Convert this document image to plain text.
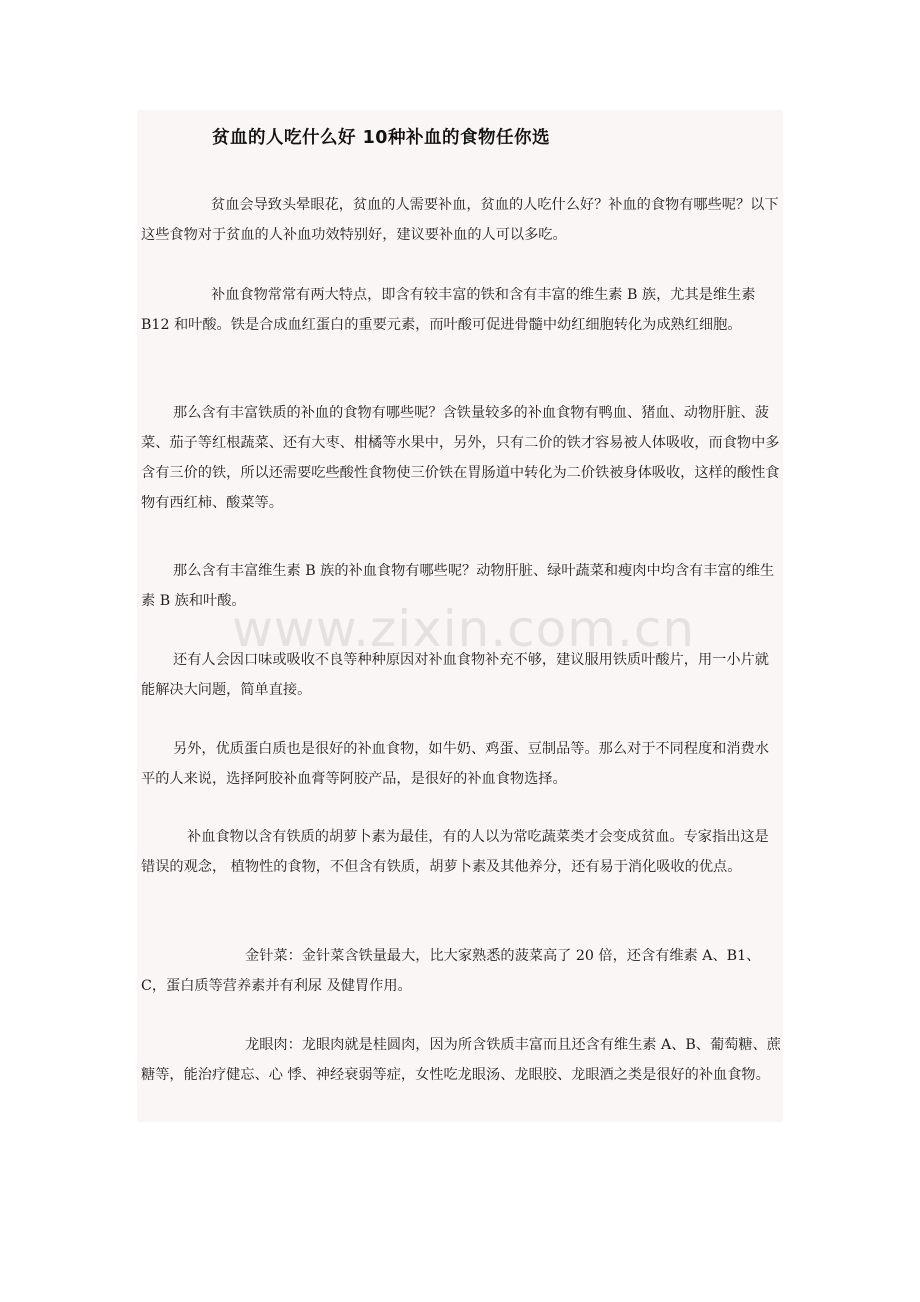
贫血的人吃什么好 10种补血的食物任你选

贫血会导致头晕眼花，贫血的人需要补血，贫血的人吃什么好？补血的食物有哪些呢？以下这些食物对于贫血的人补血功效特别好，建议要补血的人可以多吃。

补血食物常常有两大特点，即含有较丰富的铁和含有丰富的维生素 B 族，尤其是维生素 B12 和叶酸。铁是合成血红蛋白的重要元素，而叶酸可促进骨髓中幼红细胞转化为成熟红细胞。

那么含有丰富铁质的补血的食物有哪些呢？含铁量较多的补血食物有鸭血、猪血、动物肝脏、菠菜、茄子等红根蔬菜、还有大枣、柑橘等水果中，另外，只有二价的铁才容易被人体吸收，而食物中多含有三价的铁，所以还需要吃些酸性食物使三价铁在胃肠道中转化为二价铁被身体吸收，这样的酸性食物有西红柿、酸菜等。

那么含有丰富维生素 B 族的补血食物有哪些呢？动物肝脏、绿叶蔬菜和瘦肉中均含有丰富的维生素 B 族和叶酸。

还有人会因口味或吸收不良等种种原因对补血食物补充不够，建议服用铁质叶酸片，用一小片就能解决大问题，简单直接。

另外，优质蛋白质也是很好的补血食物，如牛奶、鸡蛋、豆制品等。那么对于不同程度和消费水平的人来说，选择阿胶补血膏等阿胶产品，是很好的补血食物选择。

补血食物以含有铁质的胡萝卜素为最佳，有的人以为常吃蔬菜类才会变成贫血。专家指出这是错误的观念， 植物性的食物，不但含有铁质，胡萝卜素及其他养分，还有易于消化吸收的优点。

金针菜：金针菜含铁量最大，比大家熟悉的菠菜高了 20 倍，还含有维素 A、B1、C，蛋白质等营养素并有利尿 及健胃作用。

龙眼肉：龙眼肉就是桂圆肉，因为所含铁质丰富而且还含有维生素 A、B、葡萄糖、蔗糖等，能治疗健忘、心 悸、神经衰弱等症，女性吃龙眼汤、龙眼胶、龙眼酒之类是很好的补血食物。

www.zixin.com.cn
